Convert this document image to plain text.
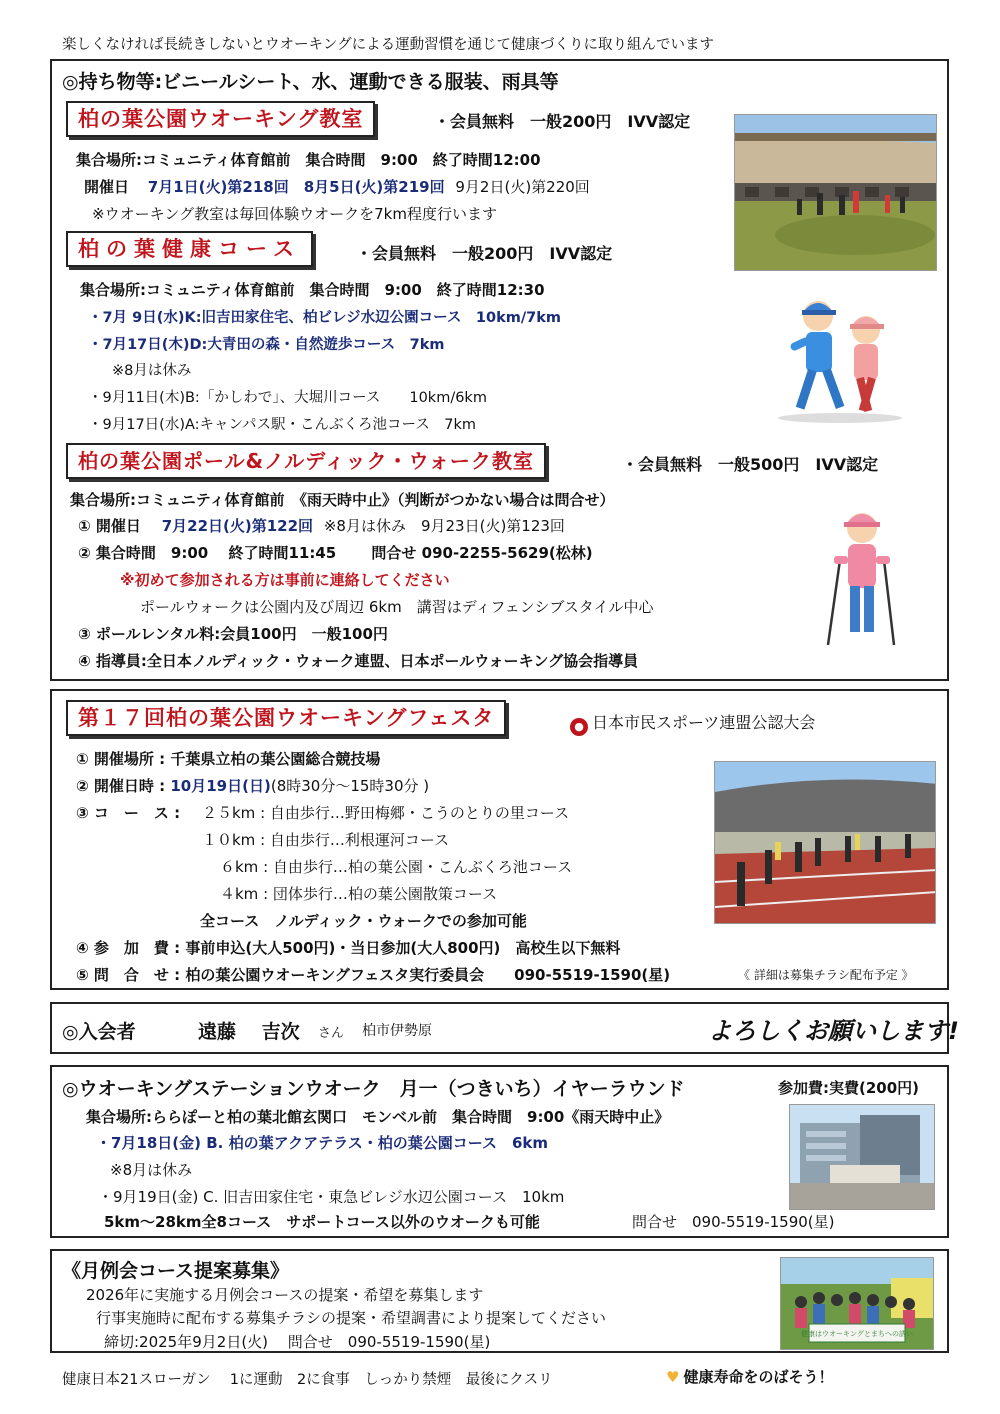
楽しくなければ長続きしないとウオーキングによる運動習慣を通じて健康づくりに取り組んでいます
◎持ち物等:ビニールシート、水、運動できる服装、雨具等
柏の葉公園ウオーキング教室	・会員無料　一般200円　IVV認定
集合場所:コミュニティ体育館前　集合時間　9:00　終了時間12:00
開催日 7月1日(火)第218回　8月5日(火)第219回 9月2日(火)第220回
※ウオーキング教室は毎回体験ウオークを7km程度行います
柏の葉健康コース	・会員無料　一般200円　IVV認定
集合場所:コミュニティ体育館前　集合時間　9:00　終了時間12:30
・7月 9日(水)K:旧吉田家住宅、柏ビレジ水辺公園コース　10km/7km
・7月17日(木)D:大青田の森・自然遊歩コース　7km
※8月は休み
・9月11日(木)B:「かしわで」、大堀川コース　　10km/6km
・9月17日(水)A:キャンパス駅・こんぶくろ池コース　7km
柏の葉公園ポール&ノルディック・ウォーク教室	・会員無料　一般500円　IVV認定
集合場所:コミュニティ体育館前　《雨天時中止》（判断がつかない場合は問合せ）
① 開催日 7月22日(火)第122回 ※8月は休み　9月23日(火)第123回
② 集合時間　9:00　 終了時間11:45　　 問合せ 090-2255-5629(松林)
※初めて参加される方は事前に連絡してください
ポールウォークは公園内及び周辺 6km　講習はディフェンシブスタイル中心
③ ポールレンタル料:会員100円　一般100円
④ 指導員:全日本ノルディック・ウォーク連盟、日本ポールウォーキング協会指導員
第１７回柏の葉公園ウオーキングフェスタ	● 日本市民スポーツ連盟公認大会
① 開催場所 : 千葉県立柏の葉公園総合競技場
② 開催日時 : 10月19日(日)(8時30分～15時30分 )
③ コ　ー　ス : ２５km : 自由歩行…野田梅郷・こうのとりの里コース
１０km : 自由歩行…利根運河コース
６km : 自由歩行…柏の葉公園・こんぶくろ池コース
４km : 団体歩行…柏の葉公園散策コース
全コース　ノルディック・ウォークでの参加可能
④ 参　加　費 : 事前申込(大人500円)・当日参加(大人800円)　高校生以下無料
⑤ 問　合　せ : 柏の葉公園ウオーキングフェスタ実行委員会　　090-5519-1590(星)	《 詳細は募集チラシ配布予定 》
◎入会者	遠藤　 吉次 さん 柏市伊勢原	よろしくお願いします!
◎ウオーキングステーションウオーク　月一（つきいち）イヤーラウンド	参加費:実費(200円)
集合場所:ららぽーと柏の葉北館玄関口　モンベル前　集合時間　9:00《雨天時中止》
・7月18日(金) B. 柏の葉アクアテラス・柏の葉公園コース　6km
※8月は休み
・9月19日(金) C. 旧吉田家住宅・東急ビレジ水辺公園コース　10km
5km～28km全8コース　サポートコース以外のウオークも可能	問合せ　090-5519-1590(星)
《月例会コース提案募集》
2026年に実施する月例会コースの提案・希望を募集します
行事実施時に配布する募集チラシの提案・希望調書により提案してください
締切:2025年9月2日(火)　 問合せ　090-5519-1590(星)	健康はウオーキングとまちへの誘い
健康日本21スローガン　 1に運動　2に食事　しっかり禁煙　最後にクスリ	♥ 健康寿命をのばそう！
